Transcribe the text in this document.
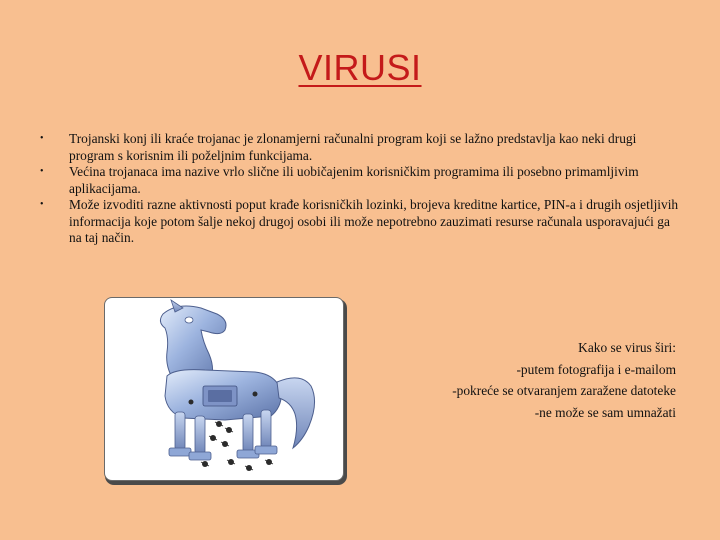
VIRUSI
•	Trojanski konj ili kraće trojanac je zlonamjerni računalni program koji se lažno predstavlja kao neki drugi program s korisnim ili poželjnim funkcijama.
•	Većina trojanaca ima nazive vrlo slične ili uobičajenim korisničkim programima ili posebno primamljivim aplikacijama.
•	Može izvoditi razne aktivnosti poput krađe korisničkih lozinki, brojeva kreditne kartice, PIN-a i drugih osjetljivih informacija koje potom šalje nekoj drugoj osobi ili može nepotrebno zauzimati resurse računala usporavajući ga na taj način.
Kako se virus širi:
-putem fotografija i e-mailom
-pokreće se otvaranjem zaražene datoteke
-ne može se sam umnažati
